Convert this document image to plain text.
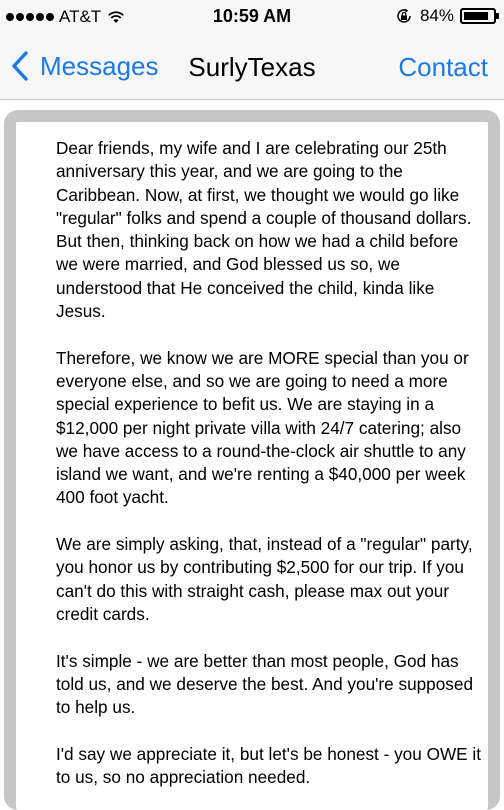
AT&T	10:59 AM	84%
Messages	SurlyTexas	Contact

Dear friends, my wife and I are celebrating our 25th anniversary this year, and we are going to the Caribbean. Now, at first, we thought we would go like "regular" folks and spend a couple of thousand dollars. But then, thinking back on how we had a child before we were married, and God blessed us so, we understood that He conceived the child, kinda like Jesus.

Therefore, we know we are MORE special than you or everyone else, and so we are going to need a more special experience to befit us. We are staying in a $12,000 per night private villa with 24/7 catering; also we have access to a round-the-clock air shuttle to any island we want, and we're renting a $40,000 per week 400 foot yacht.

We are simply asking, that, instead of a "regular" party, you honor us by contributing $2,500 for our trip. If you can't do this with straight cash, please max out your credit cards.

It's simple - we are better than most people, God has told us, and we deserve the best. And you're supposed to help us.

I'd say we appreciate it, but let's be honest - you OWE it to us, so no appreciation needed.
